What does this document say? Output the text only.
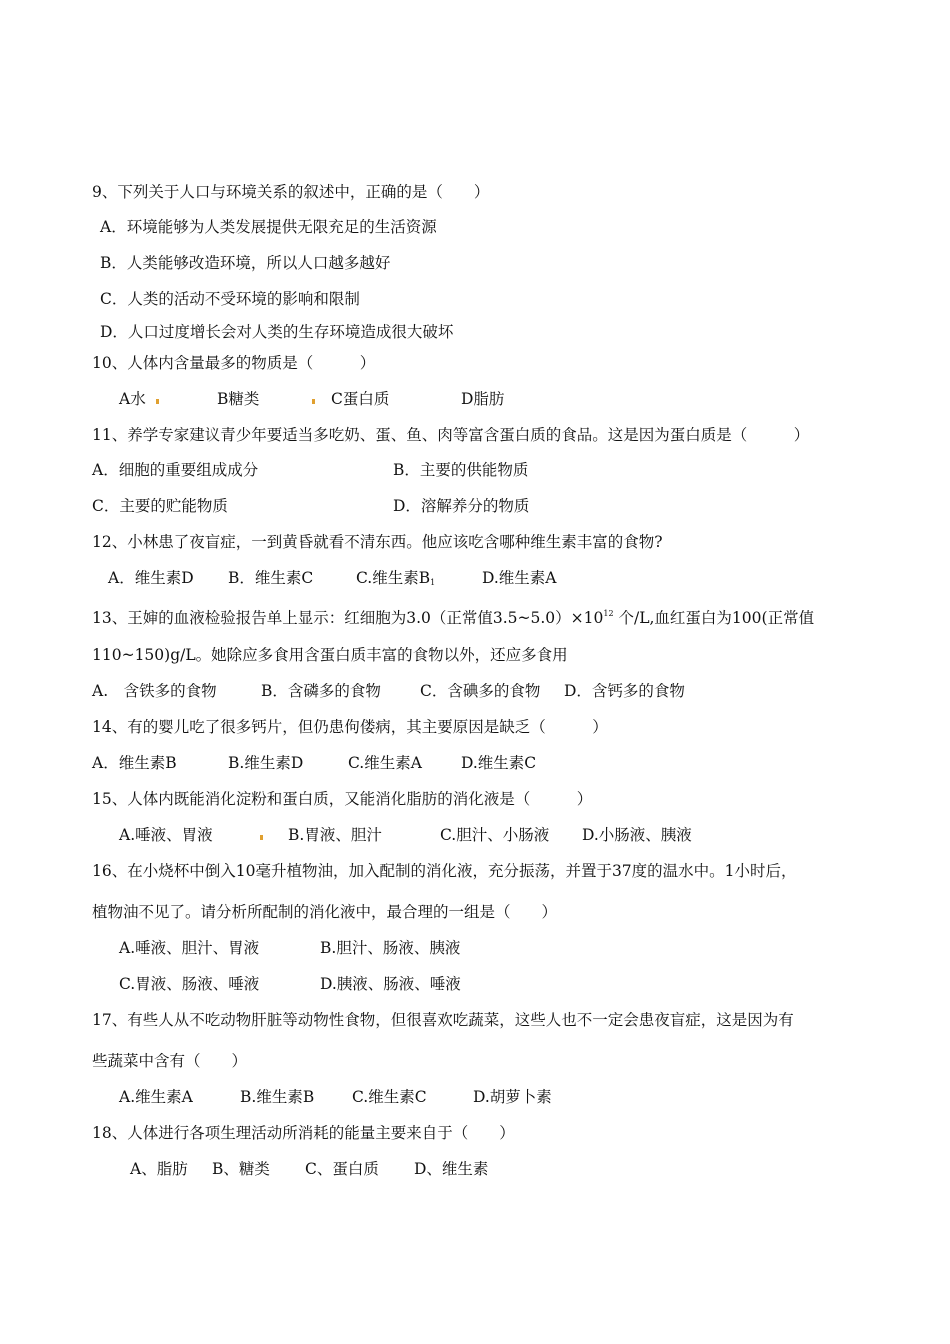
9、下列关于人口与环境关系的叙述中，正确的是（　　）
A．环境能够为人类发展提供无限充足的生活资源
B．人类能够改造环境，所以人口越多越好
C．人类的活动不受环境的影响和限制
D．人口过度增长会对人类的生存环境造成很大破坏
10、人体内含量最多的物质是（　　　）
A水	B糖类	C蛋白质	D脂肪
11、养学专家建议青少年要适当多吃奶、蛋、鱼、肉等富含蛋白质的食品。这是因为蛋白质是（　　　）
A．细胞的重要组成成分	B．主要的供能物质
C．主要的贮能物质	D．溶解养分的物质
12、小林患了夜盲症，一到黄昏就看不清东西。他应该吃含哪种维生素丰富的食物?
A．维生素D B．维生素C	C.维生素$B_1$	D.维生素A
13、王婶的血液检验报告单上显示：红细胞为3.0（正常值$3.5\sim 5.0)\times 10^{12}$ 个/L,血红蛋白为100(正常值
110~150)g/L。她除应多食用含蛋白质丰富的食物以外，还应多食用
A.　含铁多的食物	B．含磷多的食物	C．含碘多的食物 D．含钙多的食物
14、有的婴儿吃了很多钙片，但仍患佝偻病，其主要原因是缺乏（　　　）
A．维生素B	B.维生素D	C.维生素A	D.维生素C
15、人体内既能消化淀粉和蛋白质，又能消化脂肪的消化液是（　　　）
A.唾液、胃液	B.胃液、胆汁	C.胆汁、小肠液 D.小肠液、胰液
16、在小烧杯中倒入10毫升植物油，加入配制的消化液，充分振荡，并置于37度的温水中。1小时后，
植物油不见了。请分析所配制的消化液中，最合理的一组是（　　）
A.唾液、胆汁、胃液	B.胆汁、肠液、胰液
C.胃液、肠液、唾液	D.胰液、肠液、唾液
17、有些人从不吃动物肝脏等动物性食物，但很喜欢吃蔬菜，这些人也不一定会患夜盲症，这是因为有
些蔬菜中含有（　　）
A.维生素A	B.维生素B C.维生素C	D.胡萝卜素
18、人体进行各项生理活动所消耗的能量主要来自于（　　）
A、脂肪 B、糖类 C、蛋白质 D、维生素
